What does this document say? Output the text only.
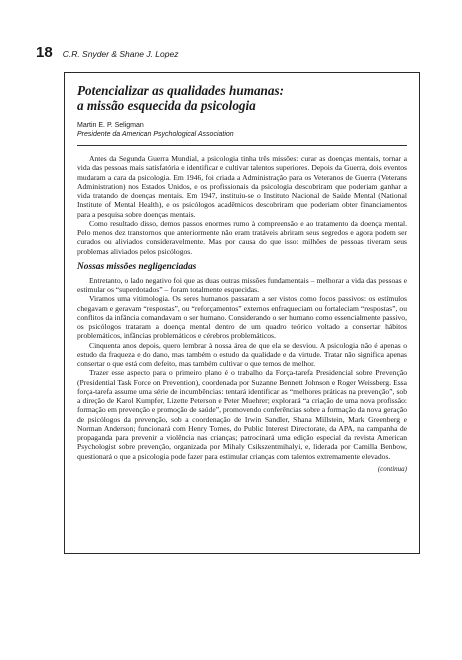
18 C.R. Snyder & Shane J. Lopez
Potencializar as qualidades humanas:
a missão esquecida da psicologia
Martin E. P. Seligman
Presidente da American Psychological Association

Antes da Segunda Guerra Mundial, a psicologia tinha três missões: curar as doenças mentais, tornar a vida das pessoas mais satisfatória e identificar e cultivar talentos superiores. Depois da Guerra, dois eventos mudaram a cara da psicologia. Em 1946, foi criada a Administração para os Veteranos de Guerra (Veterans Administration) nos Estados Unidos, e os profissionais da psicologia descobriram que poderiam ganhar a vida tratando de doenças mentais. Em 1947, instituiu-se o Instituto Nacional de Saúde Mental (National Institute of Mental Health), e os psicólogos acadêmicos descobriram que poderiam obter financiamentos para a pesquisa sobre doenças mentais.

Como resultado disso, demos passos enormes rumo à compreensão e ao tratamento da doença mental. Pelo menos dez transtornos que anteriormente não eram tratáveis abriram seus segredos e agora podem ser curados ou aliviados consideravelmente. Mas por causa do que isso: milhões de pessoas tiveram seus problemas aliviados pelos psicólogos.

Nossas missões negligenciadas

Entretanto, o lado negativo foi que as duas outras missões fundamentais – melhorar a vida das pessoas e estimular os “superdotados” – foram totalmente esquecidas.

Viramos uma vitimologia. Os seres humanos passaram a ser vistos como focos passivos: os estímulos chegavam e geravam “respostas”, ou “reforçamentos” externos enfraqueciam ou fortaleciam “respostas”, ou conflitos da infância comandavam o ser humano. Considerando o ser humano como essencialmente passivo, os psicólogos trataram a doença mental dentro de um quadro teórico voltado a consertar hábitos problemáticos, infâncias problemáticos e cérebros problemáticos.

Cinquenta anos depois, quero lembrar à nossa área de que ela se desviou. A psicologia não é apenas o estudo da fraqueza e do dano, mas também o estudo da qualidade e da virtude. Tratar não significa apenas consertar o que está com defeito, mas também cultivar o que temos de melhor.

Trazer esse aspecto para o primeiro plano é o trabalho da Força-tarefa Presidencial sobre Prevenção (Presidential Task Force on Prevention), coordenada por Suzanne Bennett Johnson e Roger Weissberg. Essa força-tarefa assume uma série de incumbências: tentará identificar as “melhores práticas na prevenção”, sob a direção de Karol Kumpfer, Lizette Peterson e Peter Muehrer; explorará “a criação de uma nova profissão: formação em prevenção e promoção de saúde”, promovendo conferências sobre a formação da nova geração de psicólogos da prevenção, sob a coordenação de Irwin Sandler, Shana Millstein, Mark Greenberg e Norman Anderson; funcionará com Henry Tomes, do Public Interest Directorate, da APA, na campanha de propaganda para prevenir a violência nas crianças; patrocinará uma edição especial da revista American Psychologist sobre prevenção, organizada por Mihaly Csikszentmihalyi, e, liderada por Camilla Benbow, questionará o que a psicologia pode fazer para estimular crianças com talentos extremamente elevados.

(continua)
